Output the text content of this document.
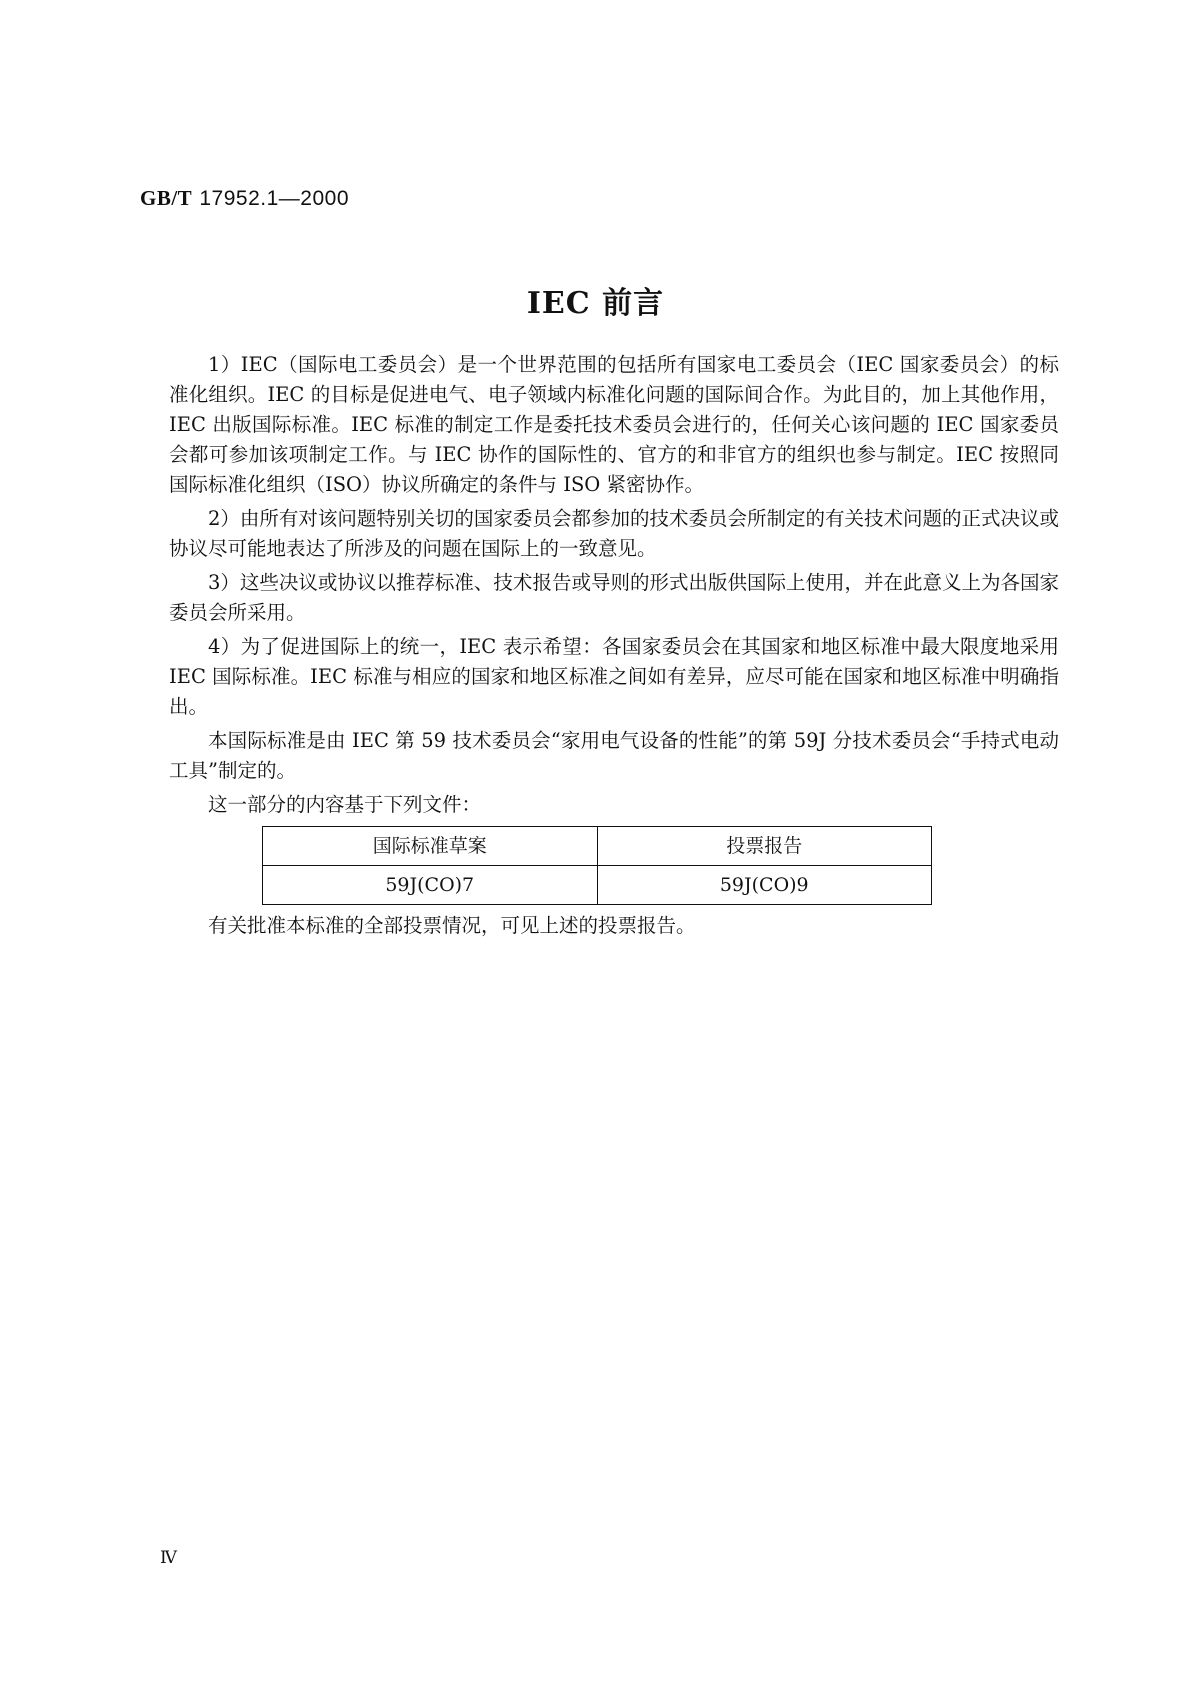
GB/T 17952.1—2000
IEC 前言

1）IEC（国际电工委员会）是一个世界范围的包括所有国家电工委员会（IEC 国家委员会）的标准化组织。IEC 的目标是促进电气、电子领域内标准化问题的国际间合作。为此目的，加上其他作用，IEC 出版国际标准。IEC 标准的制定工作是委托技术委员会进行的，任何关心该问题的 IEC 国家委员会都可参加该项制定工作。与 IEC 协作的国际性的、官方的和非官方的组织也参与制定。IEC 按照同国际标准化组织（ISO）协议所确定的条件与 ISO 紧密协作。

2）由所有对该问题特别关切的国家委员会都参加的技术委员会所制定的有关技术问题的正式决议或协议尽可能地表达了所涉及的问题在国际上的一致意见。

3）这些决议或协议以推荐标准、技术报告或导则的形式出版供国际上使用，并在此意义上为各国家委员会所采用。

4）为了促进国际上的统一，IEC 表示希望：各国家委员会在其国家和地区标准中最大限度地采用 IEC 国际标准。IEC 标准与相应的国家和地区标准之间如有差异，应尽可能在国家和地区标准中明确指出。

本国际标准是由 IEC 第 59 技术委员会“家用电气设备的性能”的第 59J 分技术委员会“手持式电动工具”制定的。

这一部分的内容基于下列文件：

国际标准草案	投票报告
59J(CO)7	59J(CO)9

有关批准本标准的全部投票情况，可见上述的投票报告。

Ⅳ
